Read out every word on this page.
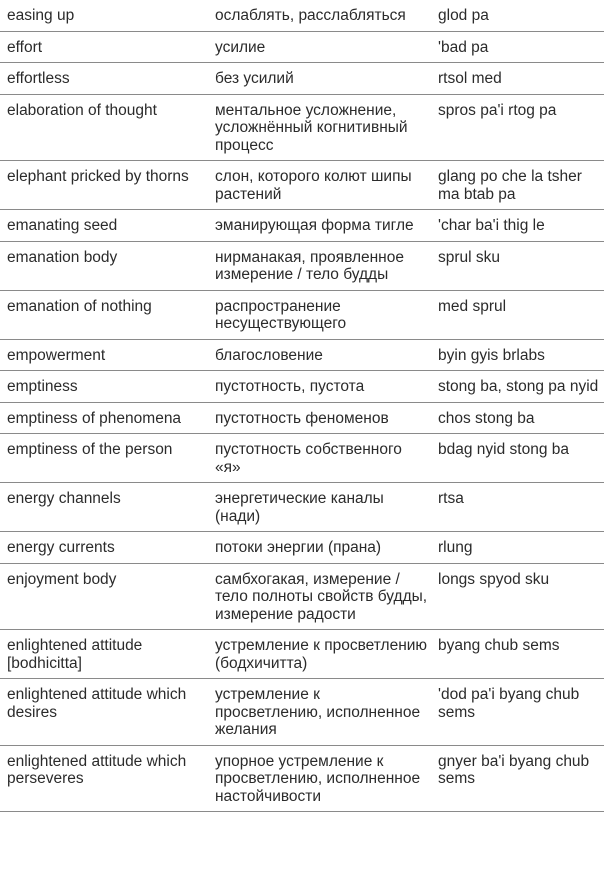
easing up	ослаблять, расслабляться	glod pa
effort	усилие	'bad pa
effortless	без усилий	rtsol med
elaboration of thought	ментальное усложнение, усложнённый когнитивный процесс	spros pa'i rtog pa
elephant pricked by thorns	слон, которого колют шипы растений	glang po che la tsher ma btab pa
emanating seed	эманирующая форма тигле	'char ba'i thig le
emanation body	нирманакая, проявленное измерение / тело будды	sprul sku
emanation of nothing	распространение несуществующего	med sprul
empowerment	благословение	byin gyis brlabs
emptiness	пустотность, пустота	stong ba, stong pa nyid
emptiness of phenomena	пустотность феноменов	chos stong ba
emptiness of the person	пустотность собственного «я»	bdag nyid stong ba
energy channels	энергетические каналы (нади)	rtsa
energy currents	потоки энергии (прана)	rlung
enjoyment body	самбхогакая, измерение / тело полноты свойств будды, измерение радости	longs spyod sku
enlightened attitude [bodhicitta]	устремление к просветлению (бодхичитта)	byang chub sems
enlightened attitude which desires	устремление к просветлению, исполненное желания	'dod pa'i byang chub sems
enlightened attitude which perseveres	упорное устремление к просветлению, исполненное настойчивости	gnyer ba'i byang chub sems
